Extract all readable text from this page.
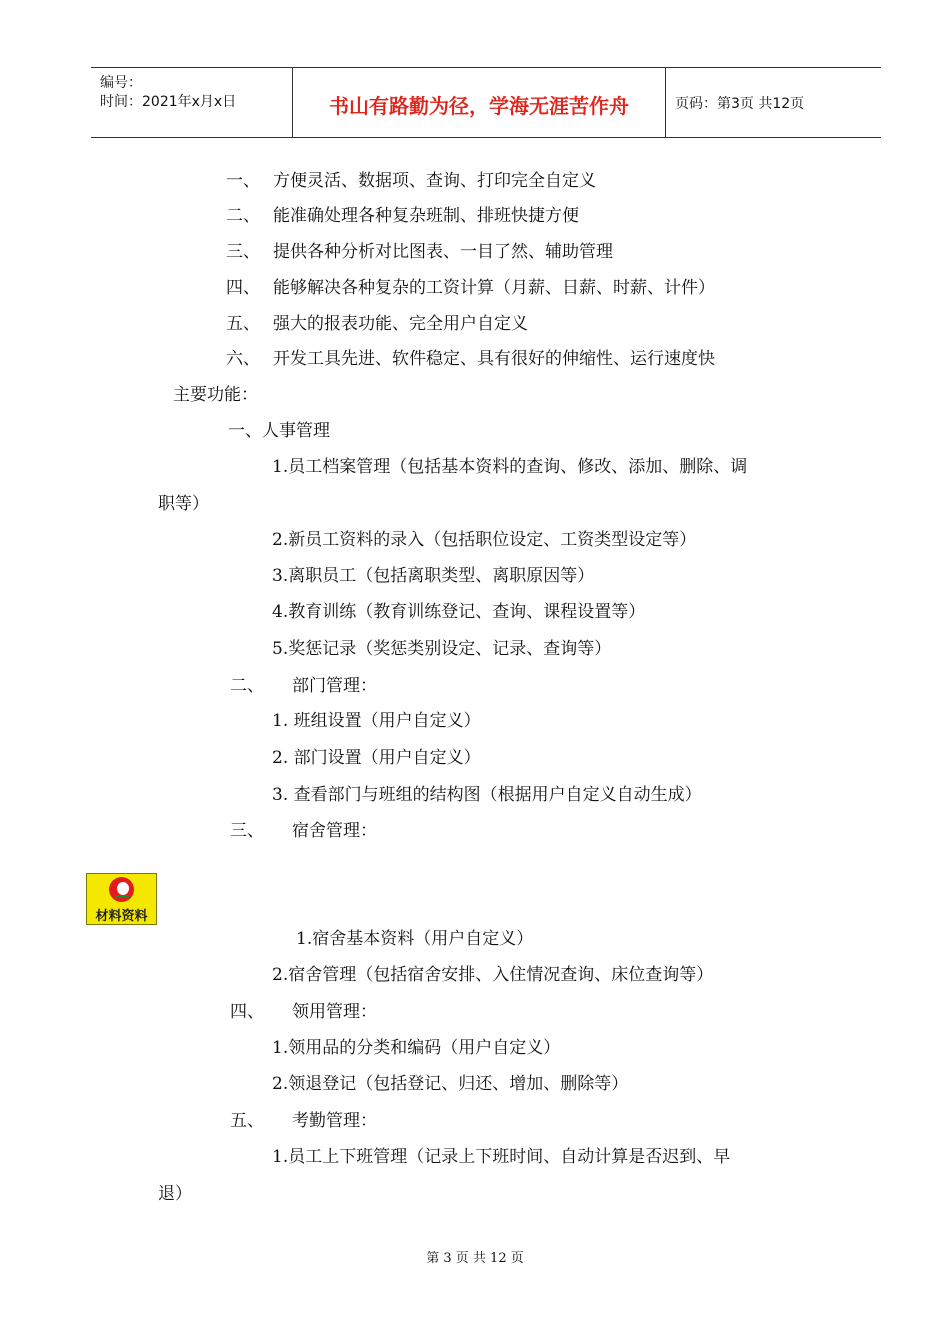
编号：
时间：2021年x月x日	书山有路勤为径，学海无涯苦作舟	页码：第3页 共12页
一、 方便灵活、数据项、查询、打印完全自定义
二、 能准确处理各种复杂班制、排班快捷方便
三、 提供各种分析对比图表、一目了然、辅助管理
四、 能够解决各种复杂的工资计算（月薪、日薪、时薪、计件）
五、 强大的报表功能、完全用户自定义
六、 开发工具先进、软件稳定、具有很好的伸缩性、运行速度快
主要功能：
一、人事管理
1.员工档案管理（包括基本资料的查询、修改、添加、删除、调
职等）
2.新员工资料的录入（包括职位设定、工资类型设定等）
3.离职员工（包括离职类型、离职原因等）
4.教育训练（教育训练登记、查询、课程设置等）
5.奖惩记录（奖惩类别设定、记录、查询等）
二、 部门管理：
1. 班组设置（用户自定义）
2. 部门设置（用户自定义）
3. 查看部门与班组的结构图（根据用户自定义自动生成）
三、 宿舍管理：
材料资料
1.宿舍基本资料（用户自定义）
2.宿舍管理（包括宿舍安排、入住情况查询、床位查询等）
四、 领用管理：
1.领用品的分类和编码（用户自定义）
2.领退登记（包括登记、归还、增加、删除等）
五、 考勤管理：
1.员工上下班管理（记录上下班时间、自动计算是否迟到、早
退）
第 3 页 共 12 页
